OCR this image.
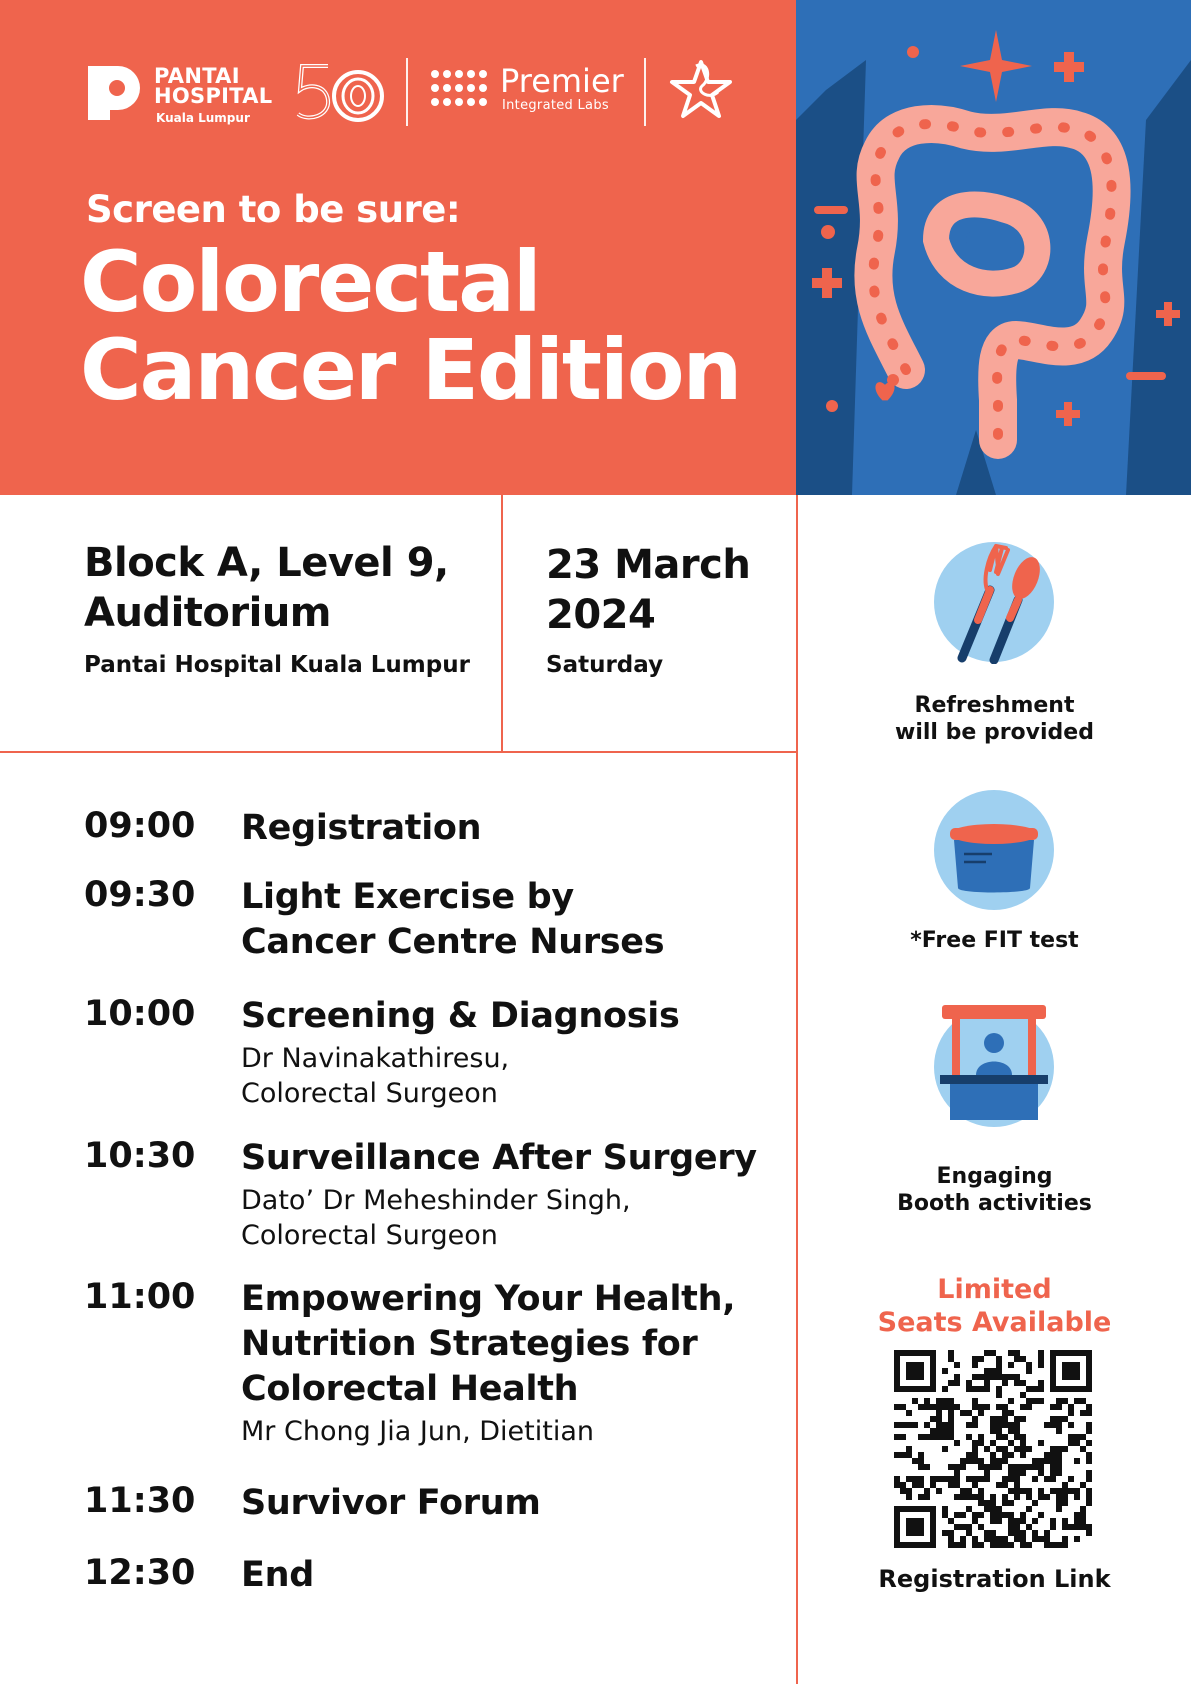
PANTAI
HOSPITAL
Kuala Lumpur
Premier
Integrated Labs
Screen to be sure:
Colorectal
Cancer Edition
Block A, Level 9,
Auditorium
Pantai Hospital Kuala Lumpur
23 March
2024
Saturday
09:00 Registration
09:30 Light Exercise by Cancer Centre Nurses
10:00 Screening & Diagnosis
Dr Navinakathiresu, Colorectal Surgeon
10:30 Surveillance After Surgery
Dato’ Dr Meheshinder Singh, Colorectal Surgeon
11:00 Empowering Your Health, Nutrition Strategies for Colorectal Health
Mr Chong Jia Jun, Dietitian
11:30 Survivor Forum
12:30 End
Refreshment
will be provided
*Free FIT test
Engaging
Booth activities
Limited
Seats Available
Registration Link
